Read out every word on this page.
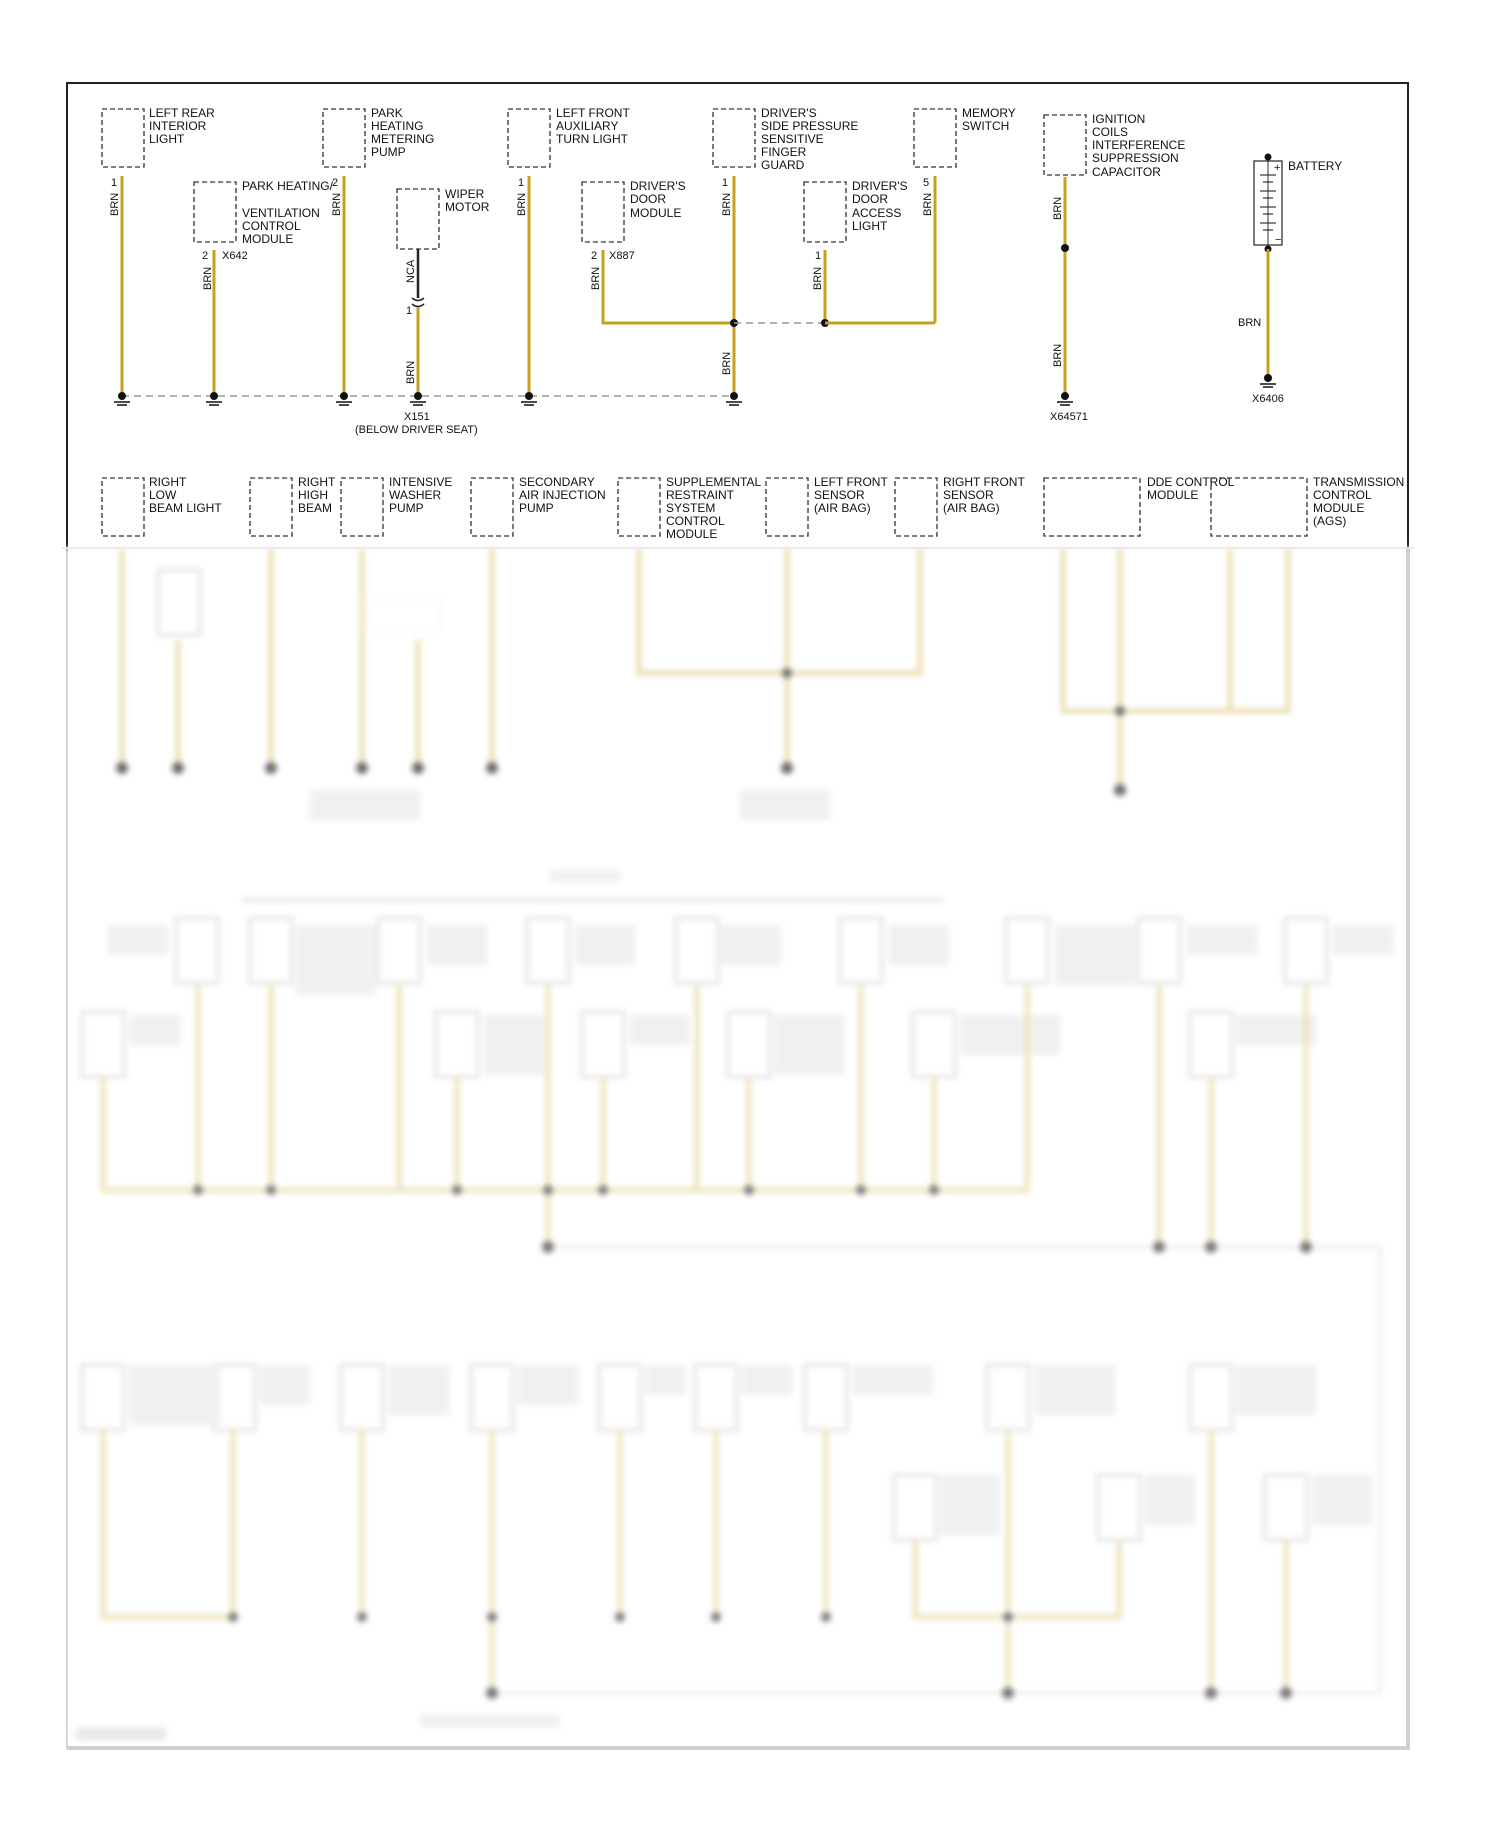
LEFT REAR
INTERIOR
LIGHT
1
BRN
PARK HEATING/
VENTILATION
CONTROL
MODULE
2 X642
BRN
PARK
HEATING
METERING
PUMP
2
BRN	WIPER
MOTOR
NCA
1
BRN
LEFT FRONT
AUXILIARY
TURN LIGHT
1
BRN
DRIVER'S
DOOR
MODULE
2 X887
BRN
DRIVER'S
SIDE PRESSURE
SENSITIVE
FINGER
GUARD
1
BRN
BRN
DRIVER'S
DOOR
ACCESS
LIGHT
1
BRN
MEMORY
SWITCH
5
BRN
IGNITION
COILS
INTERFERENCE
SUPPRESSION
CAPACITOR
BRN
BRN
X64571
+
−
BATTERY
BRN
X6406
X151
(BELOW DRIVER SEAT)
RIGHT
LOW
BEAM LIGHT
RIGHT
HIGH
BEAM
INTENSIVE
WASHER
PUMP
SECONDARY
AIR INJECTION
PUMP
SUPPLEMENTAL
RESTRAINT
SYSTEM
CONTROL
MODULE
LEFT FRONT
SENSOR
(AIR BAG)
RIGHT FRONT
SENSOR
(AIR BAG)
DDE CONTROL
MODULE
TRANSMISSION
CONTROL
MODULE
(AGS)
